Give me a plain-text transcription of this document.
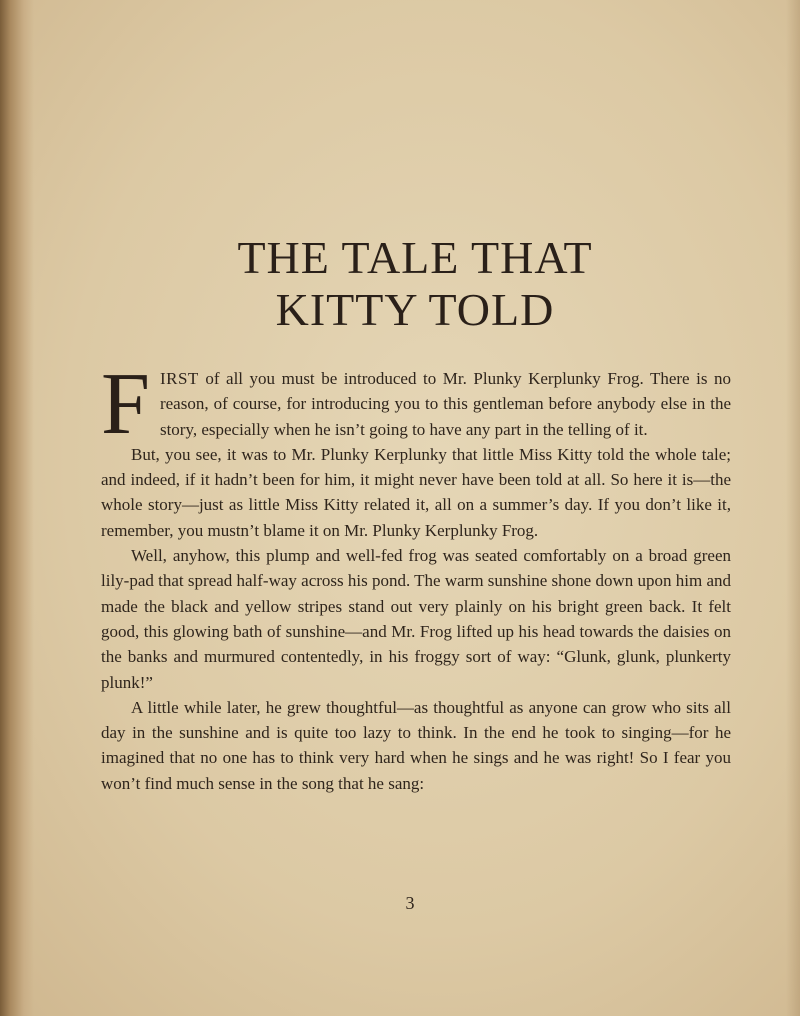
THE TALE THAT
KITTY TOLD

FIRST of all you must be introduced to Mr. Plunky Kerplunky Frog. There is no reason, of course, for introducing you to this gentleman before anybody else in the story, especially when he isn’t going to have any part in the telling of it.

But, you see, it was to Mr. Plunky Kerplunky that little Miss Kitty told the whole tale; and indeed, if it hadn’t been for him, it might never have been told at all. So here it is—the whole story—just as little Miss Kitty related it, all on a summer’s day. If you don’t like it, remember, you mustn’t blame it on Mr. Plunky Kerplunky Frog.

Well, anyhow, this plump and well-fed frog was seated comfortably on a broad green lily-pad that spread half-way across his pond. The warm sunshine shone down upon him and made the black and yellow stripes stand out very plainly on his bright green back. It felt good, this glowing bath of sunshine—and Mr. Frog lifted up his head towards the daisies on the banks and murmured contentedly, in his froggy sort of way: “Glunk, glunk, plunkerty plunk!”

A little while later, he grew thoughtful—as thoughtful as anyone can grow who sits all day in the sunshine and is quite too lazy to think. In the end he took to singing—for he imagined that no one has to think very hard when he sings and he was right! So I fear you won’t find much sense in the song that he sang:

3
